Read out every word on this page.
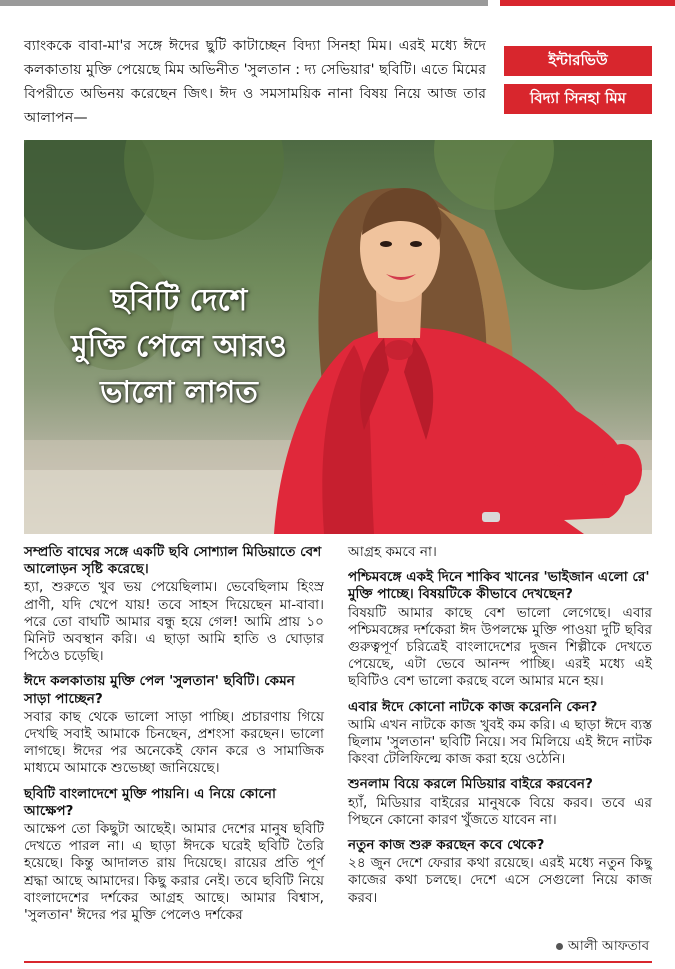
ব্যাংককে বাবা-মা'র সঙ্গে ঈদের ছুটি কাটাচ্ছেন বিদ্যা সিনহা মিম। এরই মধ্যে ঈদে কলকাতায় মুক্তি পেয়েছে মিম অভিনীত 'সুলতান : দ্য সেভিয়ার' ছবিটি। এতে মিমের বিপরীতে অভিনয় করেছেন জিৎ। ঈদ ও সমসাময়িক নানা বিষয় নিয়ে আজ তার আলাপন—

ইন্টারভিউ
বিদ্যা সিনহা মিম
ছবিটি দেশে
মুক্তি পেলে আরও
ভালো লাগত

সম্প্রতি বাঘের সঙ্গে একটি ছবি সোশ্যাল মিডিয়াতে বেশ আলোড়ন সৃষ্টি করেছে।

হ্যা, শুরুতে খুব ভয় পেয়েছিলাম। ভেবেছিলাম হিংস্র প্রাণী, যদি খেপে যায়! তবে সাহস দিয়েছেন মা-বাবা। পরে তো বাঘটি আমার বন্ধু হয়ে গেল! আমি প্রায় ১০ মিনিট অবস্থান করি। এ ছাড়া আমি হাতি ও ঘোড়ার পিঠেও চড়েছি।

ঈদে কলকাতায় মুক্তি পেল 'সুলতান' ছবিটি। কেমন সাড়া পাচ্ছেন?

সবার কাছ থেকে ভালো সাড়া পাচ্ছি। প্রচারণায় গিয়ে দেখছি সবাই আমাকে চিনছেন, প্রশংসা করছেন। ভালো লাগছে। ঈদের পর অনেকেই ফোন করে ও সামাজিক মাধ্যমে আমাকে শুভেচ্ছা জানিয়েছে।

ছবিটি বাংলাদেশে মুক্তি পায়নি। এ নিয়ে কোনো আক্ষেপ?

আক্ষেপ তো কিছুটা আছেই। আমার দেশের মানুষ ছবিটি দেখতে পারল না। এ ছাড়া ঈদকে ঘরেই ছবিটি তৈরি হয়েছে। কিন্তু আদালত রায় দিয়েছে। রায়ের প্রতি পূর্ণ শ্রদ্ধা আছে আমাদের। কিছু করার নেই। তবে ছবিটি নিয়ে বাংলাদেশের দর্শকের আগ্রহ আছে। আমার বিশ্বাস, 'সুলতান' ঈদের পর মুক্তি পেলেও দর্শকের

আগ্রহ কমবে না।

পশ্চিমবঙ্গে একই দিনে শাকিব খানের 'ভাইজান এলো রে' মুক্তি পাচ্ছে। বিষয়টিকে কীভাবে দেখছেন?

বিষয়টি আমার কাছে বেশ ভালো লেগেছে। এবার পশ্চিমবঙ্গের দর্শকেরা ঈদ উপলক্ষে মুক্তি পাওয়া দুটি ছবির গুরুত্বপূর্ণ চরিত্রেই বাংলাদেশের দুজন শিল্পীকে দেখতে পেয়েছে, এটা ভেবে আনন্দ পাচ্ছি। এরই মধ্যে এই ছবিটিও বেশ ভালো করছে বলে আমার মনে হয়।

এবার ঈদে কোনো নাটকে কাজ করেননি কেন?

আমি এখন নাটকে কাজ খুবই কম করি। এ ছাড়া ঈদে ব্যস্ত ছিলাম 'সুলতান' ছবিটি নিয়ে। সব মিলিয়ে এই ঈদে নাটক কিংবা টেলিফিল্মে কাজ করা হয়ে ওঠেনি।

শুনলাম বিয়ে করলে মিডিয়ার বাইরে করবেন?

হ্যাঁ, মিডিয়ার বাইরের মানুষকে বিয়ে করব। তবে এর পিছনে কোনো কারণ খুঁজতে যাবেন না।

নতুন কাজ শুরু করছেন কবে থেকে?

২৪ জুন দেশে ফেরার কথা রয়েছে। এরই মধ্যে নতুন কিছু কাজের কথা চলছে। দেশে এসে সেগুলো নিয়ে কাজ করব।

আলী আফতাব
